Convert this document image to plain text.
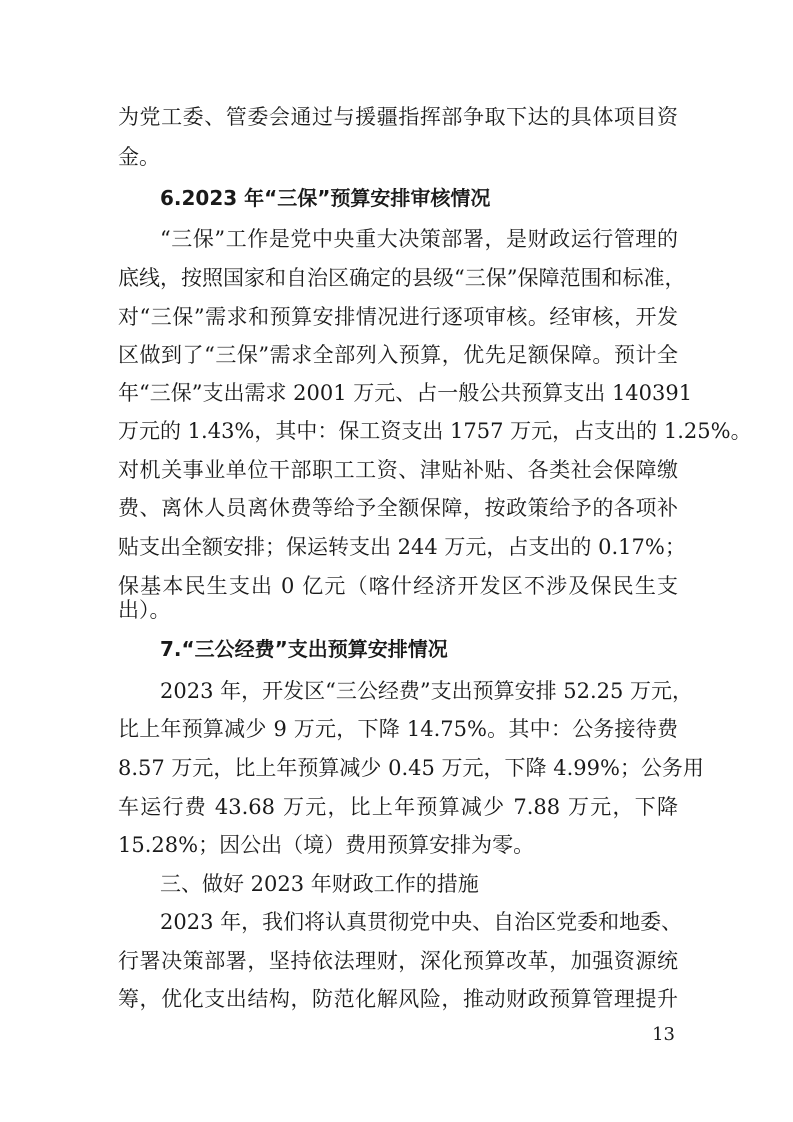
为党工委、管委会通过与援疆指挥部争取下达的具体项目资
金。
6.2023 年“三保”预算安排审核情况
“三保”工作是党中央重大决策部署，是财政运行管理的
底线，按照国家和自治区确定的县级“三保”保障范围和标准，
对“三保”需求和预算安排情况进行逐项审核。经审核，开发
区做到了“三保”需求全部列入预算，优先足额保障。预计全
年“三保”支出需求 2001 万元、占一般公共预算支出 140391
万元的 1.43%，其中：保工资支出 1757 万元，占支出的 1.25%。
对机关事业单位干部职工工资、津贴补贴、各类社会保障缴
费、离休人员离休费等给予全额保障，按政策给予的各项补
贴支出全额安排；保运转支出 244 万元，占支出的 0.17%；
保基本民生支出 0 亿元（喀什经济开发区不涉及保民生支
出）。
7.“三公经费”支出预算安排情况
2023 年，开发区“三公经费”支出预算安排 52.25 万元，
比上年预算减少 9 万元，下降 14.75%。其中：公务接待费
8.57 万元，比上年预算减少 0.45 万元，下降 4.99%；公务用
车运行费 43.68 万元，比上年预算减少 7.88 万元，下降
15.28%；因公出（境）费用预算安排为零。
三、做好 2023 年财政工作的措施
2023 年，我们将认真贯彻党中央、自治区党委和地委、
行署决策部署，坚持依法理财，深化预算改革，加强资源统
筹，优化支出结构，防范化解风险，推动财政预算管理提升
13
